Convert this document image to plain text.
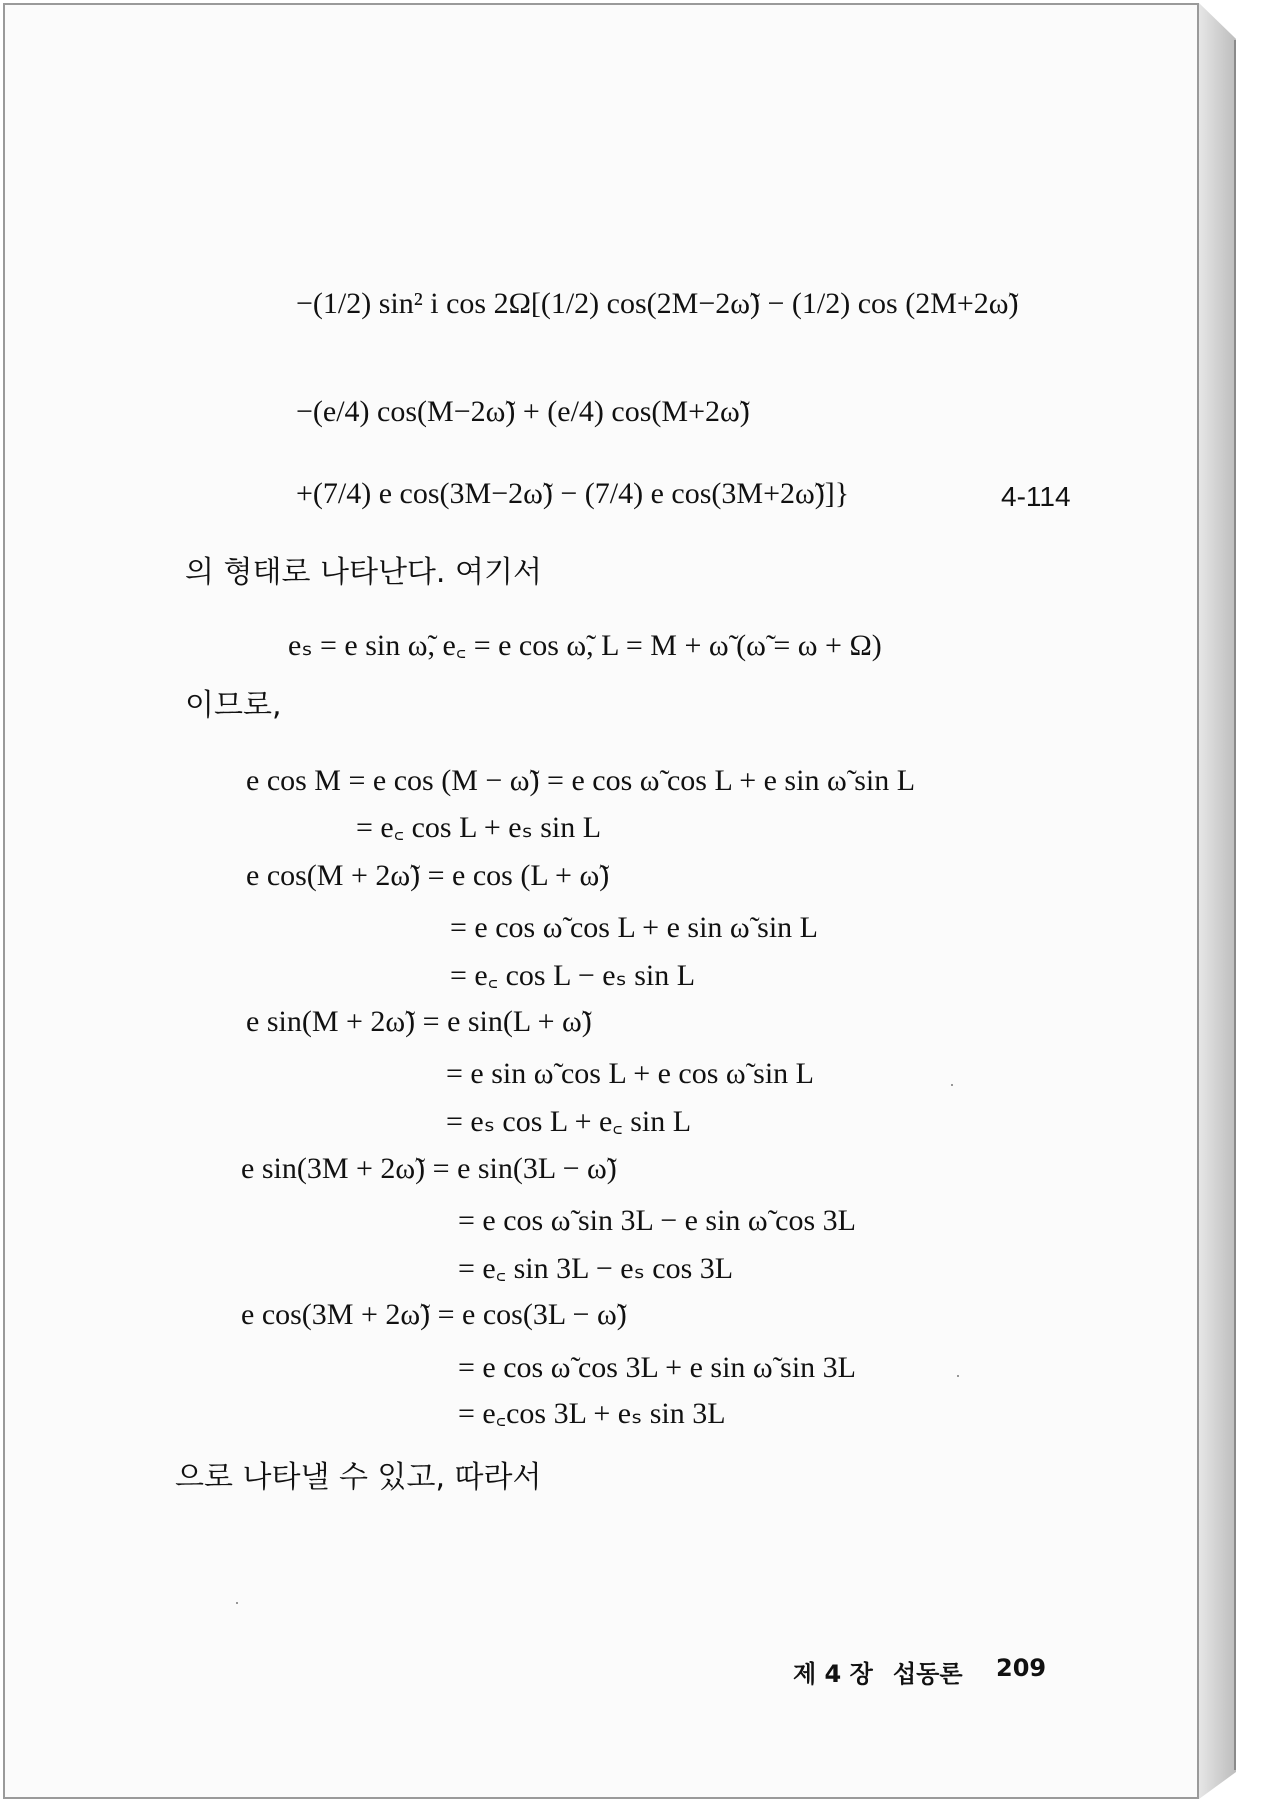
−(1/2) sin² i cos 2Ω[(1/2) cos(2M−2ω̃) − (1/2) cos (2M+2ω̃)
−(e/4) cos(M−2ω̃) + (e/4) cos(M+2ω̃)
+(7/4) e cos(3M−2ω̃) − (7/4) e cos(3M+2ω̃)]}	4-114
의 형태로 나타난다. 여기서
eₛ = e sin ω̃, e꜀ = e cos ω̃, L = M + ω̃ (ω̃ = ω + Ω)
이므로,
e cos M = e cos (M − ω̃) = e cos ω̃ cos L + e sin ω̃ sin L
= e꜀ cos L + eₛ sin L
e cos(M + 2ω̃) = e cos (L + ω̃)
= e cos ω̃ cos L + e sin ω̃ sin L
= e꜀ cos L − eₛ sin L
e sin(M + 2ω̃) = e sin(L + ω̃)
= e sin ω̃ cos L + e cos ω̃ sin L
= eₛ cos L + e꜀ sin L
e sin(3M + 2ω̃) = e sin(3L − ω̃)
= e cos ω̃ sin 3L − e sin ω̃ cos 3L
= e꜀ sin 3L − eₛ cos 3L
e cos(3M + 2ω̃) = e cos(3L − ω̃)
= e cos ω̃ cos 3L + e sin ω̃ sin 3L
= e꜀cos 3L + eₛ sin 3L
으로 나타낼 수 있고, 따라서
제 4 장 섭동론 209
